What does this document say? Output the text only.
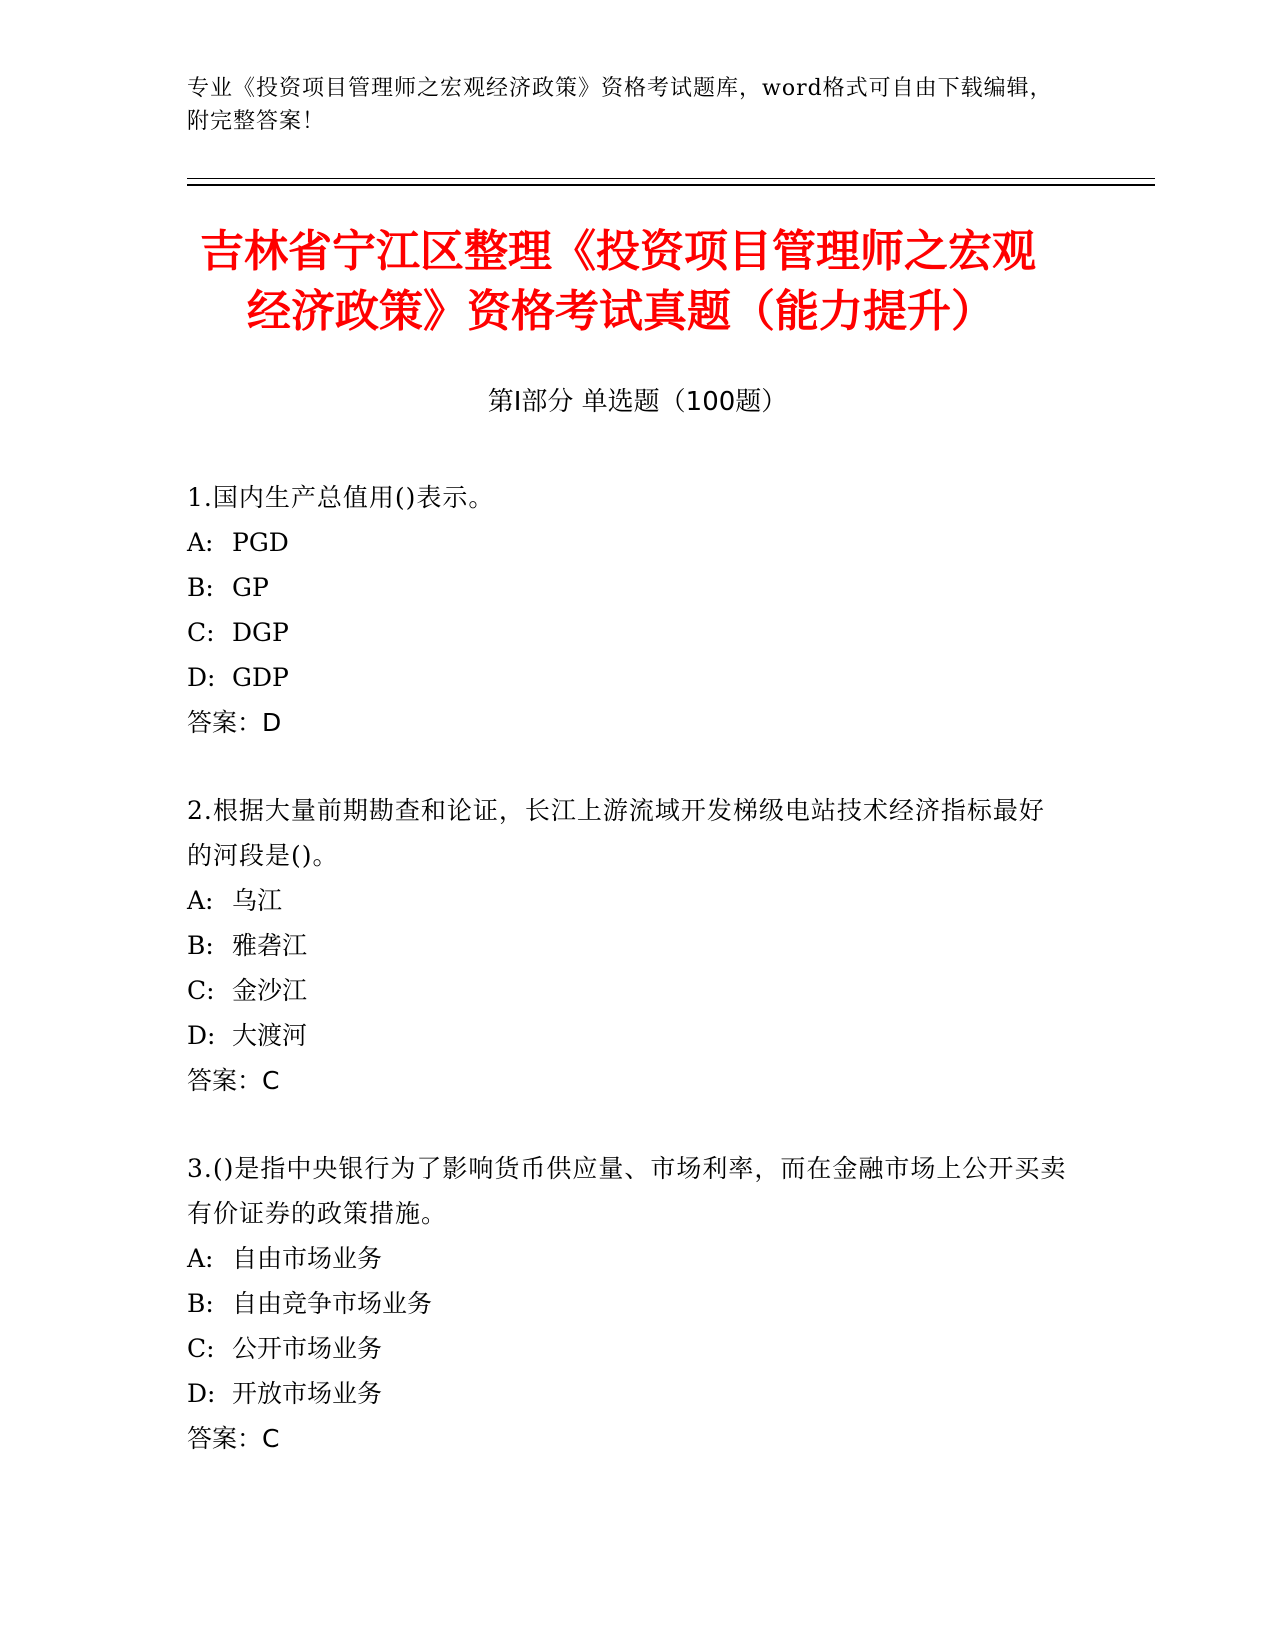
专业《投资项目管理师之宏观经济政策》资格考试题库，word格式可自由下载编辑，附完整答案！
吉林省宁江区整理《投资项目管理师之宏观
经济政策》资格考试真题（能力提升）
第I部分 单选题（100题）
1.国内生产总值用()表示。
A: PGD
B: GP
C: DGP
D: GDP
答案：D
2.根据大量前期勘查和论证，长江上游流域开发梯级电站技术经济指标最好的河段是()。
A: 乌江
B: 雅砻江
C: 金沙江
D: 大渡河
答案：C
3.()是指中央银行为了影响货币供应量、市场利率，而在金融市场上公开买卖有价证券的政策措施。
A: 自由市场业务
B: 自由竞争市场业务
C: 公开市场业务
D: 开放市场业务
答案：C
